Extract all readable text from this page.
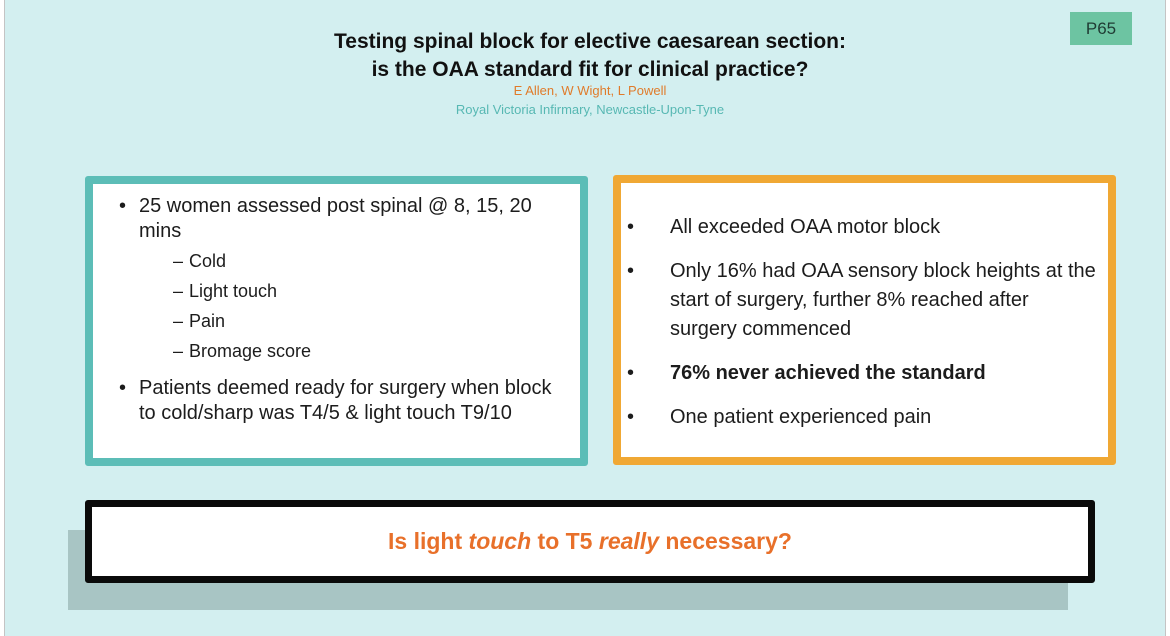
P65
Testing spinal block for elective caesarean section:
is the OAA standard fit for clinical practice?
E Allen, W Wight, L Powell
Royal Victoria Infirmary, Newcastle-Upon-Tyne
• 25 women assessed post spinal @ 8, 15, 20 mins
– Cold
– Light touch
– Pain
– Bromage score
• Patients deemed ready for surgery when block to cold/sharp was T4/5 & light touch T9/10
•	All exceeded OAA motor block
•	Only 16% had OAA sensory block heights at the start of surgery, further 8% reached after surgery commenced
•	76% never achieved the standard
•	One patient experienced pain
Is light touch to T5 really necessary?
